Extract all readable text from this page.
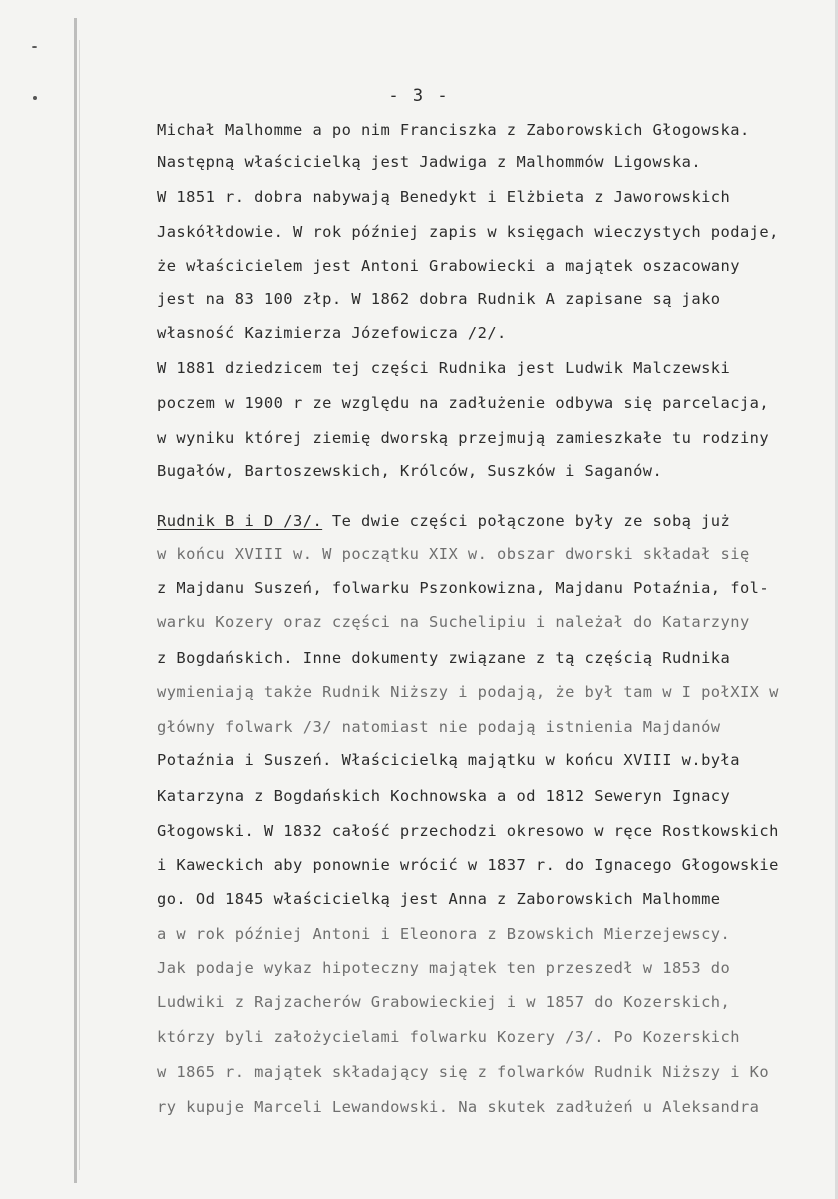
- 3 -
Michał Malhomme a po nim Franciszka z Zaborowskich Głogowska.
Następną właścicielką jest Jadwiga z Malhommów Ligowska.
W 1851 r. dobra nabywają Benedykt i Elżbieta z Jaworowskich
Jaskółłdowie. W rok później zapis w księgach wieczystych podaje,
że właścicielem jest Antoni Grabowiecki a majątek oszacowany
jest na 83 100 złp. W 1862 dobra Rudnik A zapisane są jako
własność Kazimierza Józefowicza /2/.
W 1881 dziedzicem tej części Rudnika jest Ludwik Malczewski
poczem w 1900 r ze względu na zadłużenie odbywa się parcelacja,
w wyniku której ziemię dworską przejmują zamieszkałe tu rodziny
Bugałów, Bartoszewskich, Królców, Suszków i Saganów.
Rudnik B i D /3/. Te dwie części połączone były ze sobą już
w końcu XVIII w. W początku XIX w. obszar dworski składał się
z Majdanu Suszeń, folwarku Pszonkowizna, Majdanu Potaźnia, fol-
warku Kozery oraz części na Suchelipiu i należał do Katarzyny
z Bogdańskich. Inne dokumenty związane z tą częścią Rudnika
wymieniają także Rudnik Niższy i podają, że był tam w I połXIX w
główny folwark /3/ natomiast nie podają istnienia Majdanów
Potaźnia i Suszeń. Właścicielką majątku w końcu XVIII w.była
Katarzyna z Bogdańskich Kochnowska a od 1812 Seweryn Ignacy
Głogowski. W 1832 całość przechodzi okresowo w ręce Rostkowskich
i Kaweckich aby ponownie wrócić w 1837 r. do Ignacego Głogowskie
go. Od 1845 właścicielką jest Anna z Zaborowskich Malhomme
a w rok później Antoni i Eleonora z Bzowskich Mierzejewscy.
Jak podaje wykaz hipoteczny majątek ten przeszedł w 1853 do
Ludwiki z Rajzacherów Grabowieckiej i w 1857 do Kozerskich,
którzy byli założycielami folwarku Kozery /3/. Po Kozerskich
w 1865 r. majątek składający się z folwarków Rudnik Niższy i Ko
ry kupuje Marceli Lewandowski. Na skutek zadłużeń u Aleksandra
